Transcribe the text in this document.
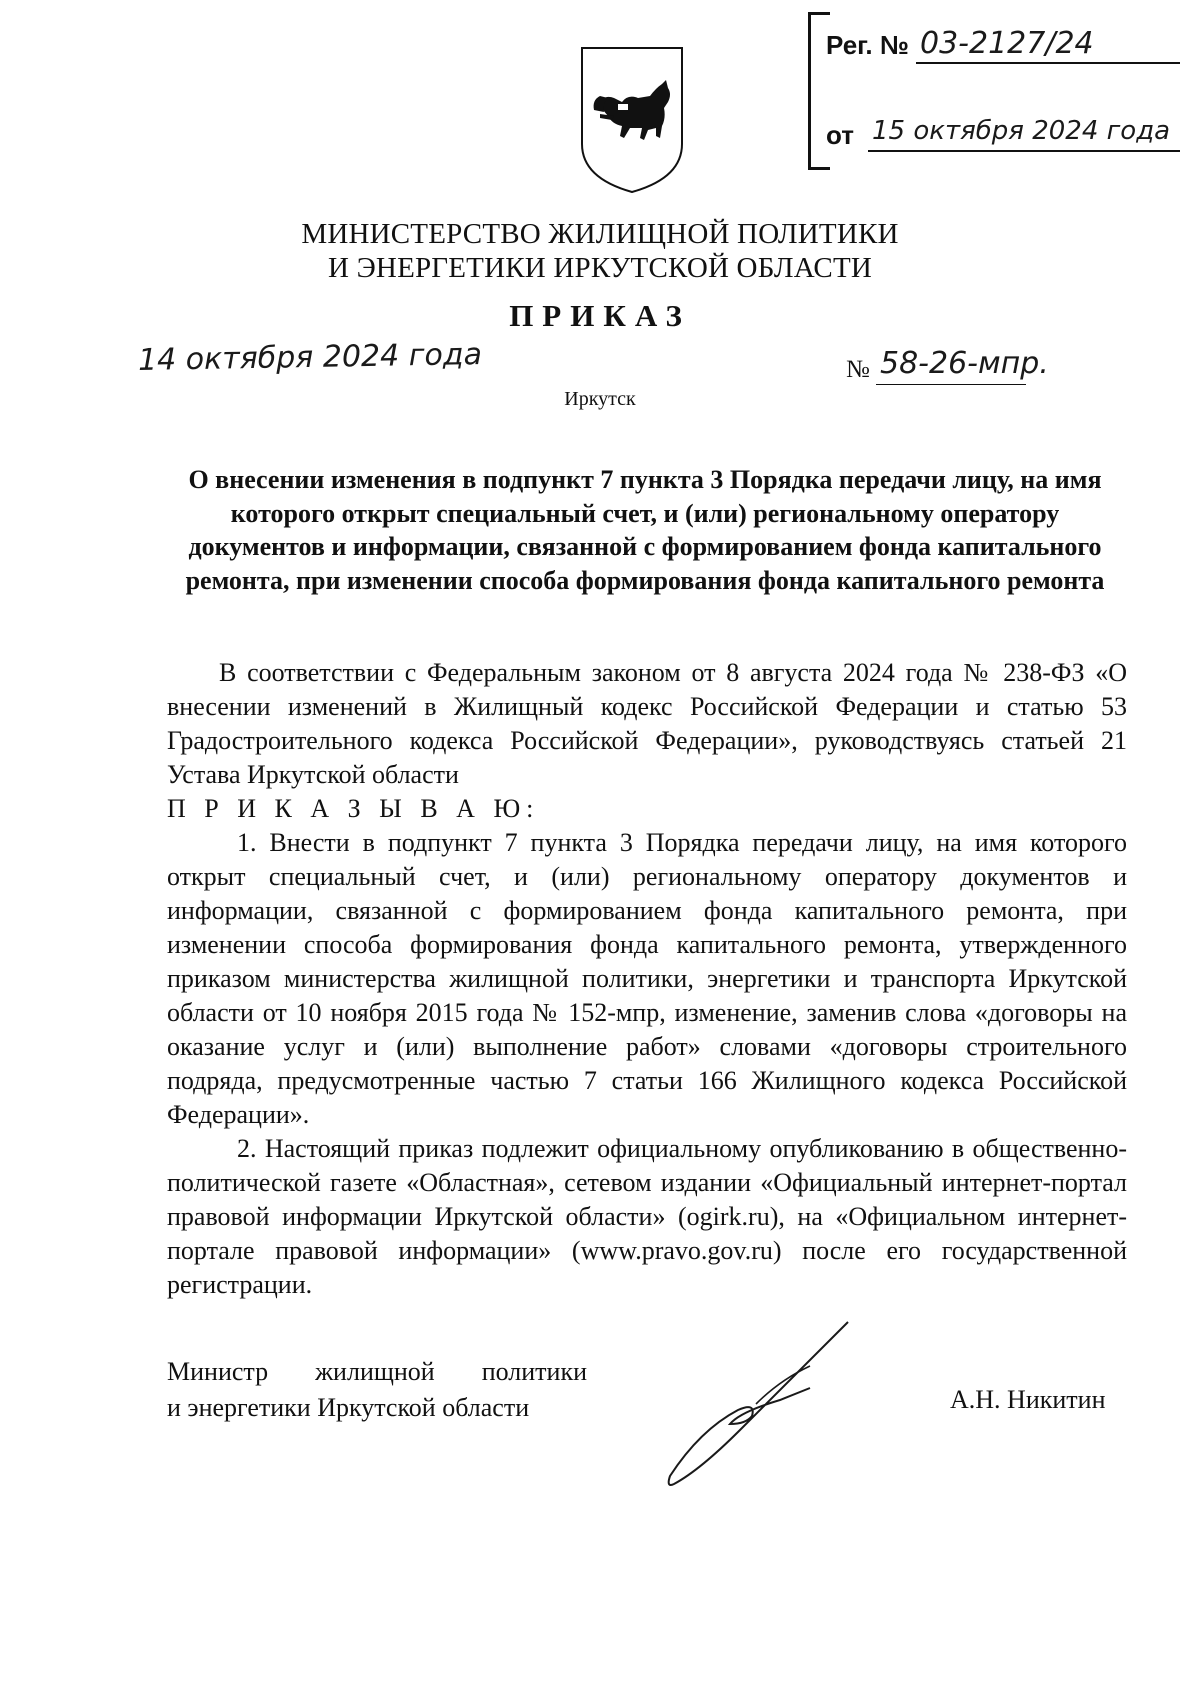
Рег. № 03-2127/24
от 15 октября 2024 года
МИНИСТЕРСТВО ЖИЛИЩНОЙ ПОЛИТИКИ
И ЭНЕРГЕТИКИ ИРКУТСКОЙ ОБЛАСТИ
ПРИКАЗ
14 октября 2024 года	№ 58-26-мпр.
Иркутск
О внесении изменения в подпункт 7 пункта 3 Порядка передачи лицу, на имя которого открыт специальный счет, и (или) региональному оператору документов и информации, связанной с формированием фонда капитального ремонта, при изменении способа формирования фонда капитального ремонта
В соответствии с Федеральным законом от 8 августа 2024 года № 238-ФЗ «О внесении изменений в Жилищный кодекс Российской Федерации и статью 53 Градостроительного кодекса Российской Федерации», руководствуясь статьей 21 Устава Иркутской области
П Р И К А З Ы В А Ю:
1. Внести в подпункт 7 пункта 3 Порядка передачи лицу, на имя которого открыт специальный счет, и (или) региональному оператору документов и информации, связанной с формированием фонда капитального ремонта, при изменении способа формирования фонда капитального ремонта, утвержденного приказом министерства жилищной политики, энергетики и транспорта Иркутской области от 10 ноября 2015 года № 152-мпр, изменение, заменив слова «договоры на оказание услуг и (или) выполнение работ» словами «договоры строительного подряда, предусмотренные частью 7 статьи 166 Жилищного кодекса Российской Федерации».
2. Настоящий приказ подлежит официальному опубликованию в общественно-политической газете «Областная», сетевом издании «Официальный интернет-портал правовой информации Иркутской области» (ogirk.ru), на «Официальном интернет-портале правовой информации» (www.pravo.gov.ru) после его государственной регистрации.
Министр жилищной политики
и энергетики Иркутской области	А.Н. Никитин
